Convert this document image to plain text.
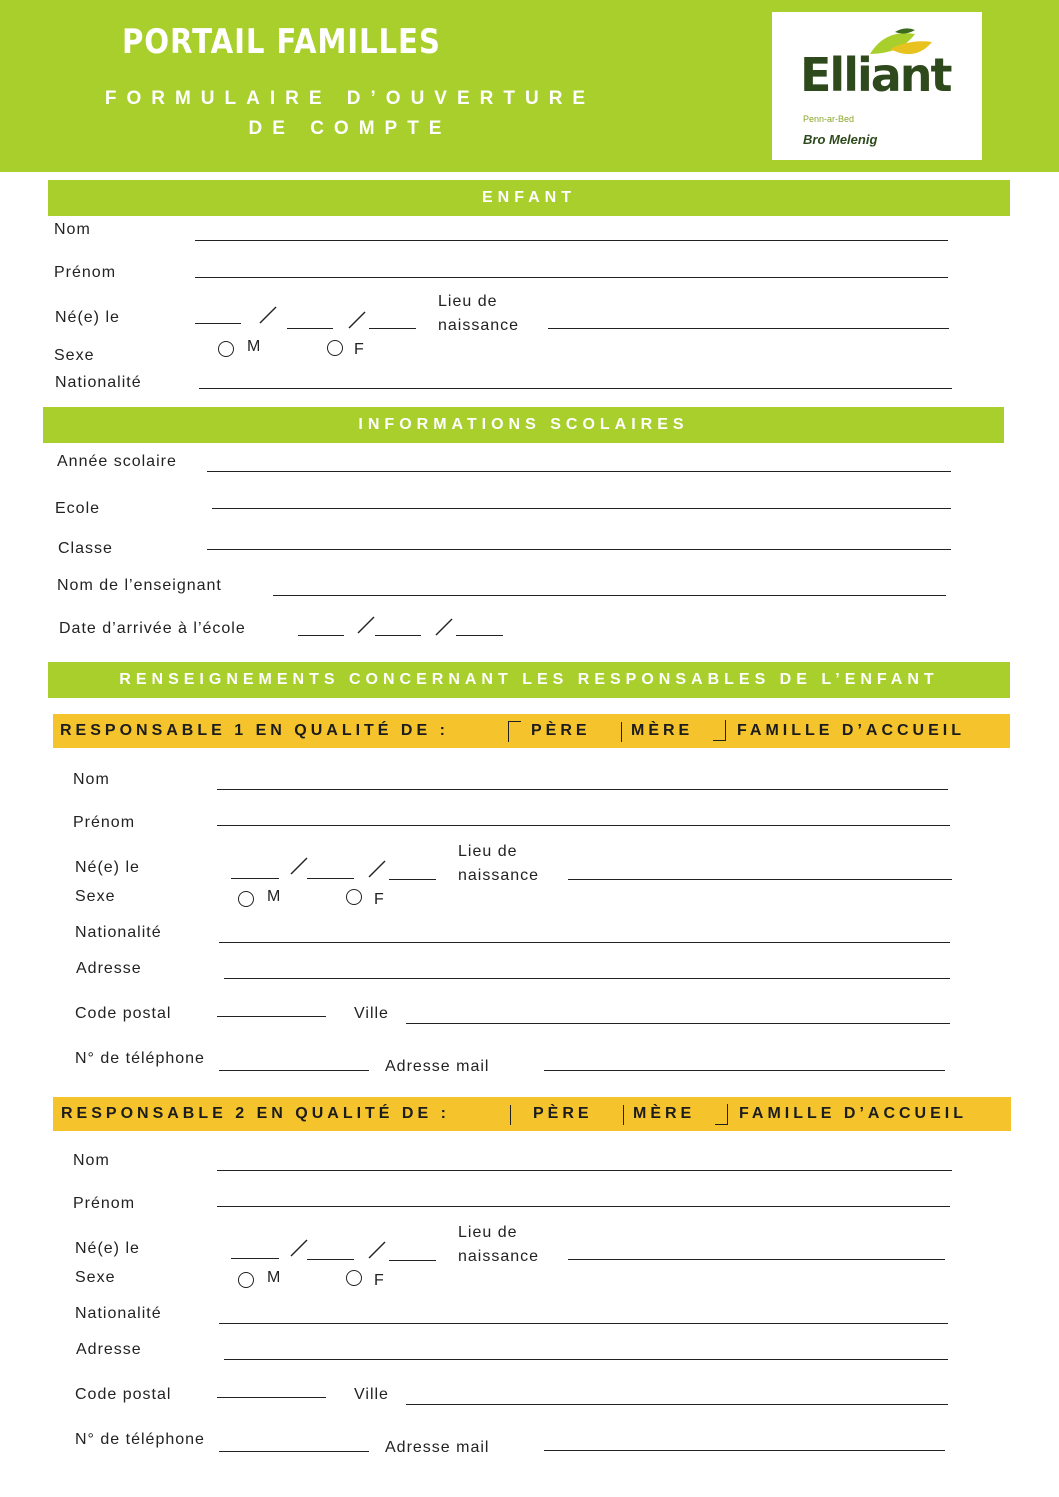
PORTAIL FAMILLES
FORMULAIRE D’OUVERTURE
DE COMPTE
Elliant
Penn-ar-Bed
Bro Melenig
ENFANT
Nom
Prénom
Né(e) le
Lieu de
naissance
Sexe
M	F
Nationalité
INFORMATIONS SCOLAIRES
Année scolaire
Ecole
Classe
Nom de l’enseignant
Date d’arrivée à l’école
RENSEIGNEMENTS CONCERNANT LES RESPONSABLES DE L’ENFANT
RESPONSABLE 1 EN QUALITÉ DE :	PÈRE	MÈRE	FAMILLE D’ACCUEIL
Nom
Prénom
Né(e) le
Lieu de
naissance
Sexe	M	F
Nationalité
Adresse
Code postal	Ville
N° de téléphone	Adresse mail
RESPONSABLE 2 EN QUALITÉ DE :	PÈRE	MÈRE	FAMILLE D’ACCUEIL
Nom
Prénom
Né(e) le
Lieu de
naissance
Sexe	M	F
Nationalité
Adresse
Code postal	Ville
N° de téléphone	Adresse mail
